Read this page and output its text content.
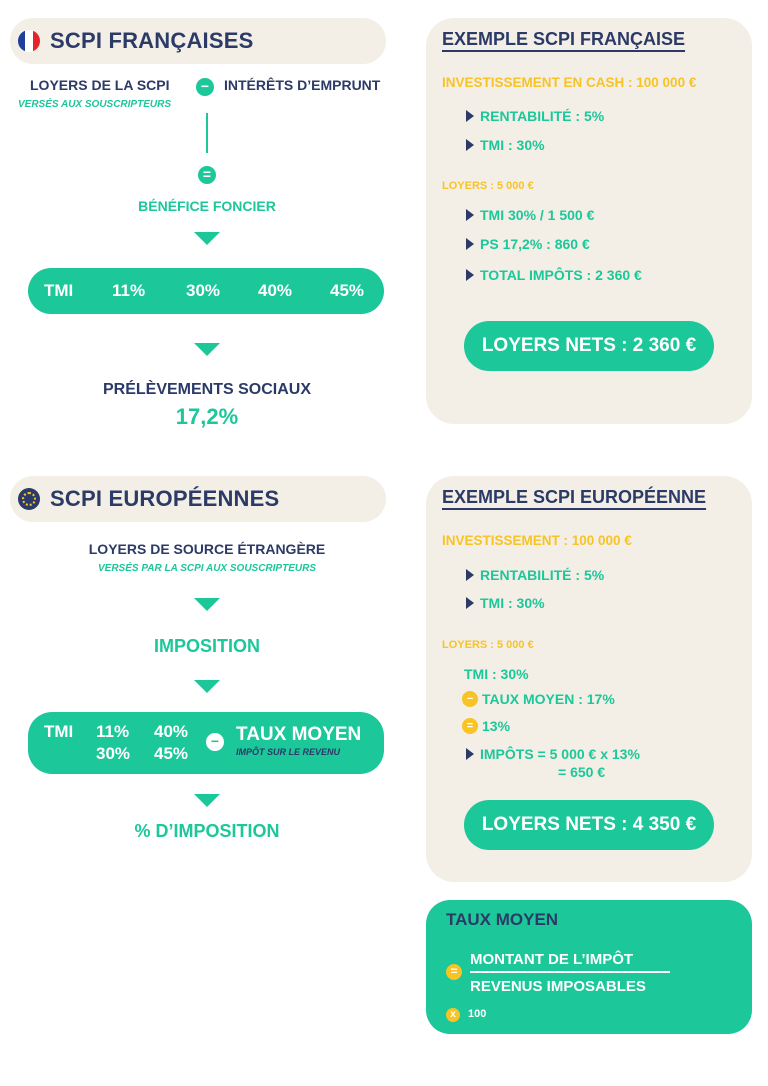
SCPI FRANÇAISES
LOYERS DE LA SCPI
VERSÉS AUX SOUSCRIPTEURS
−	INTÉRÊTS D’EMPRUNT
=
BÉNÉFICE FONCIER
TMI 11% 30% 40% 45%
PRÉLÈVEMENTS SOCIAUX
17,2%
EXEMPLE SCPI FRANÇAISE
INVESTISSEMENT EN CASH : 100 000 €
RENTABILITÉ : 5%
TMI : 30%
LOYERS : 5 000 €
TMI 30% / 1 500 €
PS 17,2% : 860 €
TOTAL IMPÔTS : 2 360 €
LOYERS NETS : 2 360 €
SCPI EUROPÉENNES
LOYERS DE SOURCE ÉTRANGÈRE
VERSÉS PAR LA SCPI AUX SOUSCRIPTEURS
IMPOSITION
TMI 11%
30%
40%
45%
− TAUX MOYEN
IMPÔT SUR LE REVENU
% D’IMPOSITION
EXEMPLE SCPI EUROPÉENNE
INVESTISSEMENT : 100 000 €
RENTABILITÉ : 5%
TMI : 30%
LOYERS : 5 000 €
TMI : 30%
− TAUX MOYEN : 17%
= 13%
IMPÔTS = 5 000 € x 13%
= 650 €
LOYERS NETS : 4 350 €
TAUX MOYEN
=
MONTANT DE L’IMPÔT
REVENUS IMPOSABLES
x	100
